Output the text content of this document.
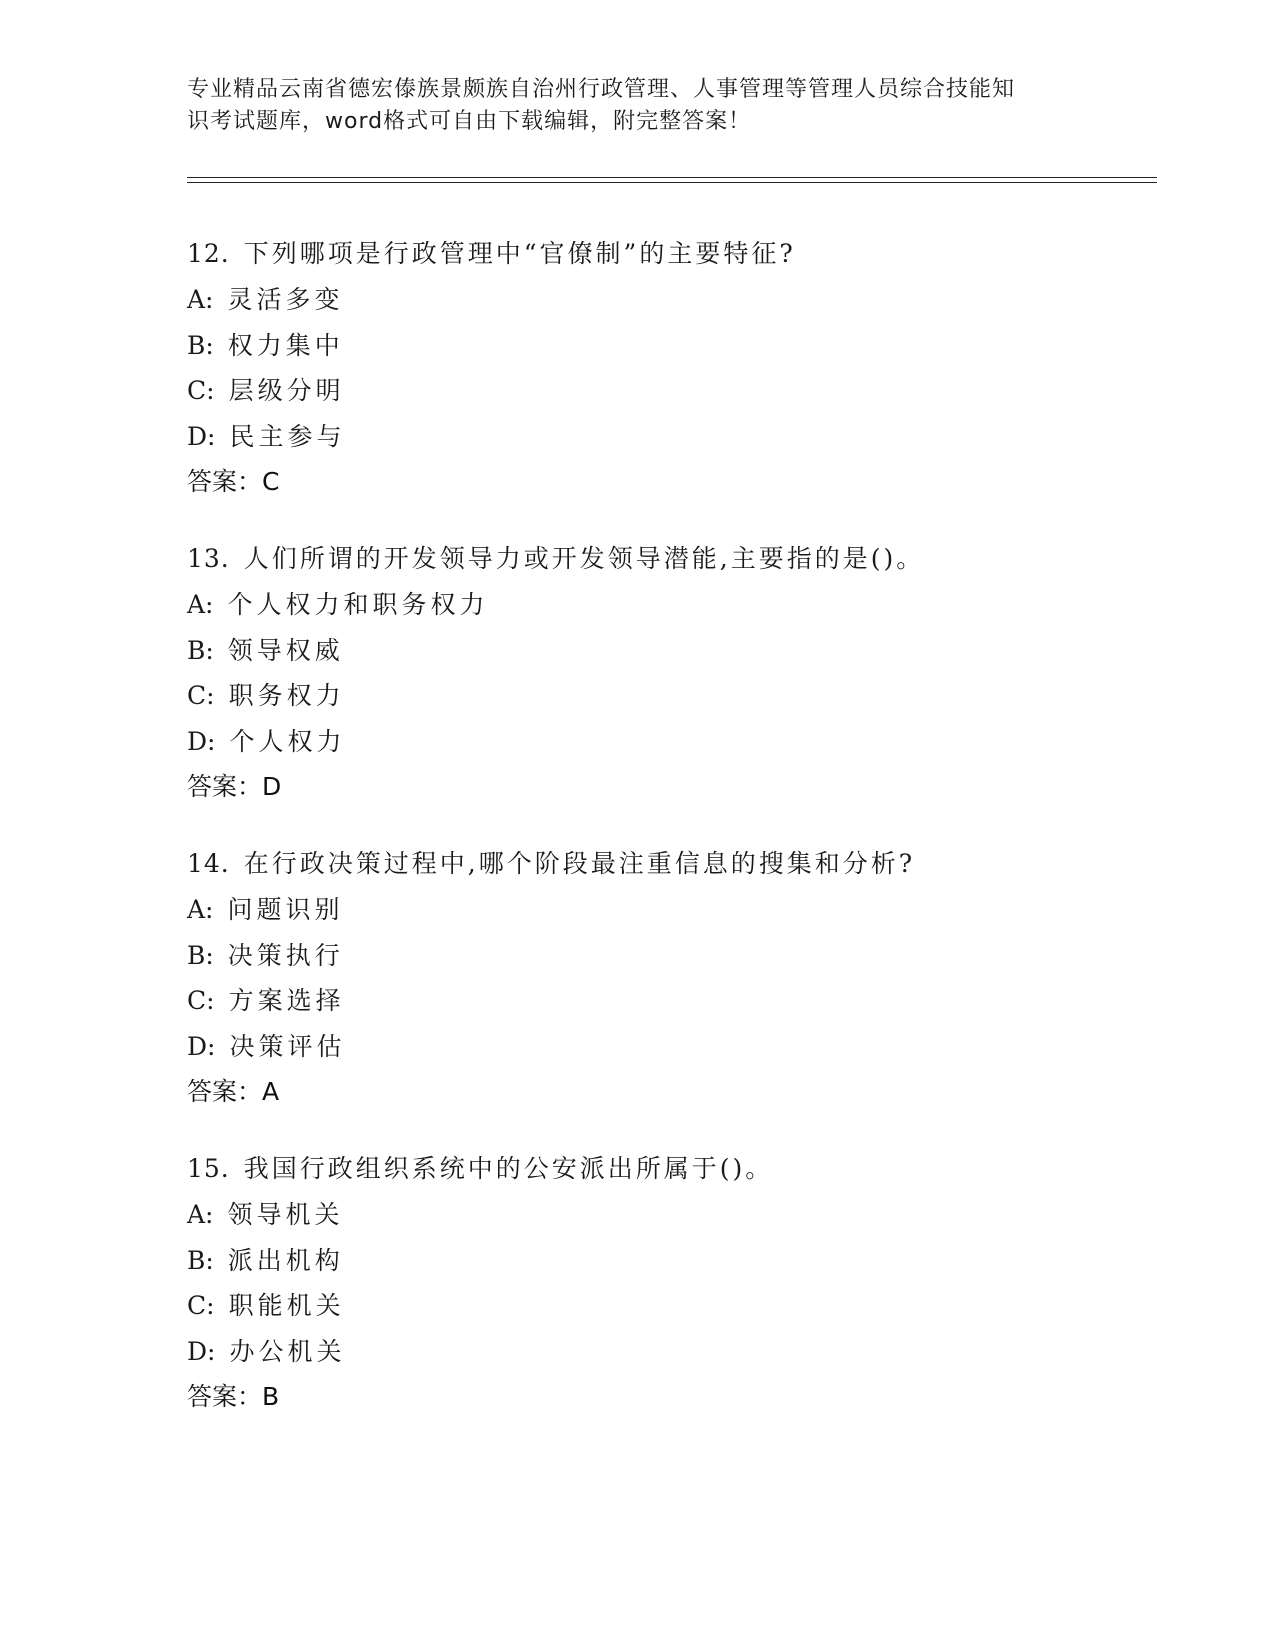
专业精品云南省德宏傣族景颇族自治州行政管理、人事管理等管理人员综合技能知
识考试题库，word格式可自由下载编辑，附完整答案！
12. 下列哪项是行政管理中“官僚制”的主要特征?
A: 灵活多变
B: 权力集中
C: 层级分明
D: 民主参与
答案：C
13. 人们所谓的开发领导力或开发领导潜能,主要指的是()。
A: 个人权力和职务权力
B: 领导权威
C: 职务权力
D: 个人权力
答案：D
14. 在行政决策过程中,哪个阶段最注重信息的搜集和分析?
A: 问题识别
B: 决策执行
C: 方案选择
D: 决策评估
答案：A
15. 我国行政组织系统中的公安派出所属于()。
A: 领导机关
B: 派出机构
C: 职能机关
D: 办公机关
答案：B
